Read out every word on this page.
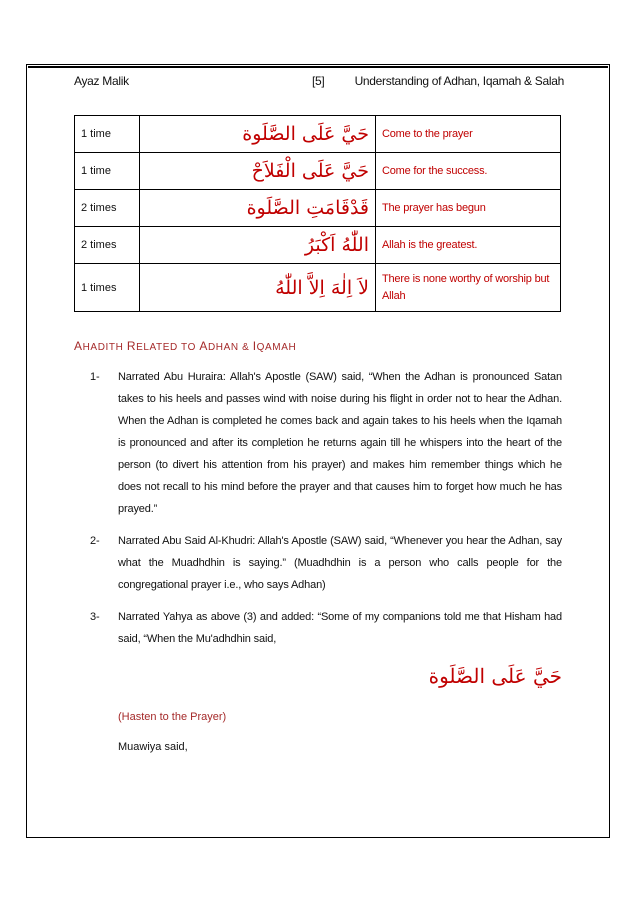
Ayaz Malik	[5]	Understanding of Adhan, Iqamah & Salah
1 time	حَيَّ عَلَى الصَّلَوة	Come to the prayer
1 time	حَيَّ عَلَى الْفَلاَحْ	Come for the success.
2 times	قَدْقَامَتِ الصَّلَوة	The prayer has begun
2 times	اللّٰهُ اَكْبَرُ	Allah is the greatest.
1 times	لاَ اِلٰهَ اِلاَّ اللّٰهُ	There is none worthy of worship but Allah
AHADITH RELATED TO ADHAN & IQAMAH
1- Narrated Abu Huraira: Allah's Apostle (SAW) said, “When the Adhan is pronounced Satan takes to his heels and passes wind with noise during his flight in order not to hear the Adhan. When the Adhan is completed he comes back and again takes to his heels when the Iqamah is pronounced and after its completion he returns again till he whispers into the heart of the person (to divert his attention from his prayer) and makes him remember things which he does not recall to his mind before the prayer and that causes him to forget how much he has prayed.”
2- Narrated Abu Said Al-Khudri: Allah's Apostle (SAW) said, “Whenever you hear the Adhan, say what the Muadhdhin is saying.” (Muadhdhin is a person who calls people for the congregational prayer i.e., who says Adhan)
3- Narrated Yahya as above (3) and added: “Some of my companions told me that Hisham had said, “When the Mu'adhdhin said,
حَيَّ عَلَى الصَّلَوة
(Hasten to the Prayer)
Muawiya said,
